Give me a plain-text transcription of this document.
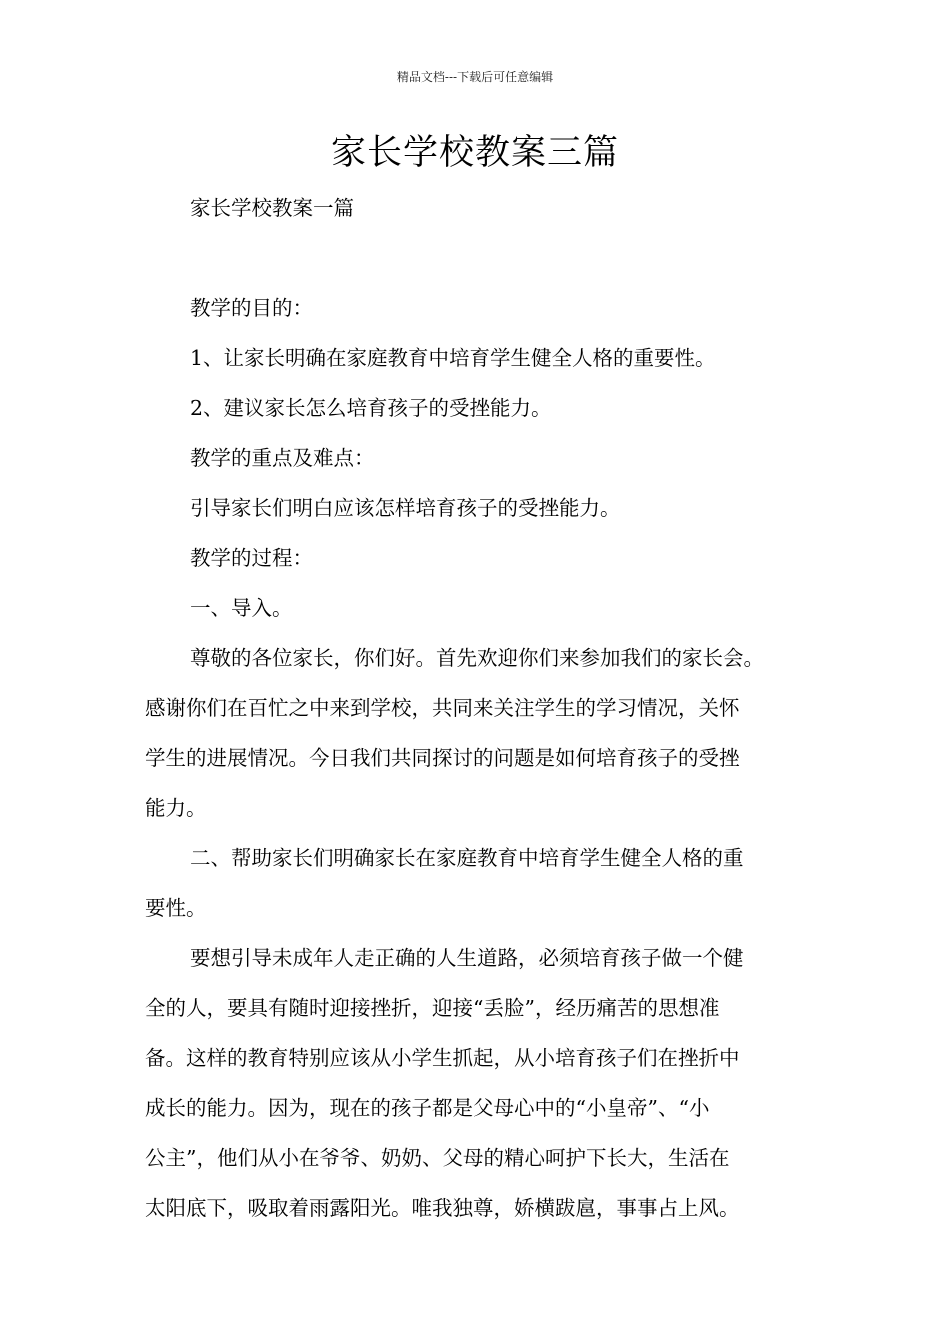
精品文档---下载后可任意编辑
家长学校教案三篇
家长学校教案一篇
教学的目的：
1、让家长明确在家庭教育中培育学生健全人格的重要性。
2、建议家长怎么培育孩子的受挫能力。
教学的重点及难点：
引导家长们明白应该怎样培育孩子的受挫能力。
教学的过程：
一、导入。
尊敬的各位家长，你们好。首先欢迎你们来参加我们的家长会。
感谢你们在百忙之中来到学校，共同来关注学生的学习情况，关怀
学生的进展情况。今日我们共同探讨的问题是如何培育孩子的受挫
能力。
二、帮助家长们明确家长在家庭教育中培育学生健全人格的重
要性。
要想引导未成年人走正确的人生道路，必须培育孩子做一个健
全的人，要具有随时迎接挫折，迎接“丢脸”，经历痛苦的思想准
备。这样的教育特别应该从小学生抓起，从小培育孩子们在挫折中
成长的能力。因为，现在的孩子都是父母心中的“小皇帝”、“小
公主”，他们从小在爷爷、奶奶、父母的精心呵护下长大，生活在
太阳底下，吸取着雨露阳光。唯我独尊，娇横跋扈，事事占上风。
